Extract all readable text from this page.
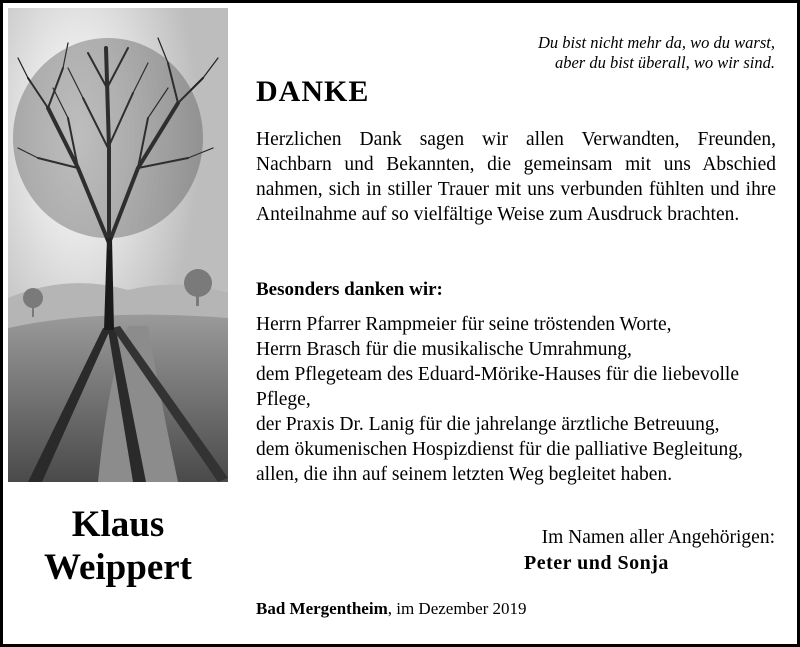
Klaus
Weippert
Du bist nicht mehr da, wo du warst,
aber du bist überall, wo wir sind.
DANKE

Herzlichen Dank sagen wir allen Verwandten, Freunden, Nachbarn und Bekannten, die gemeinsam mit uns Abschied nahmen, sich in stiller Trauer mit uns verbunden fühlten und ihre Anteilnahme auf so vielfältige Weise zum Ausdruck brachten.

Besonders danken wir:
Herrn Pfarrer Rampmeier für seine tröstenden Worte,
Herrn Brasch für die musikalische Umrahmung,
dem Pflegeteam des Eduard-Mörike-Hauses für die liebevolle Pflege,
der Praxis Dr. Lanig für die jahrelange ärztliche Betreuung,
dem ökumenischen Hospizdienst für die palliative Begleitung,
allen, die ihn auf seinem letzten Weg begleitet haben.
Im Namen aller Angehörigen:
Peter und Sonja
Bad Mergentheim, im Dezember 2019
